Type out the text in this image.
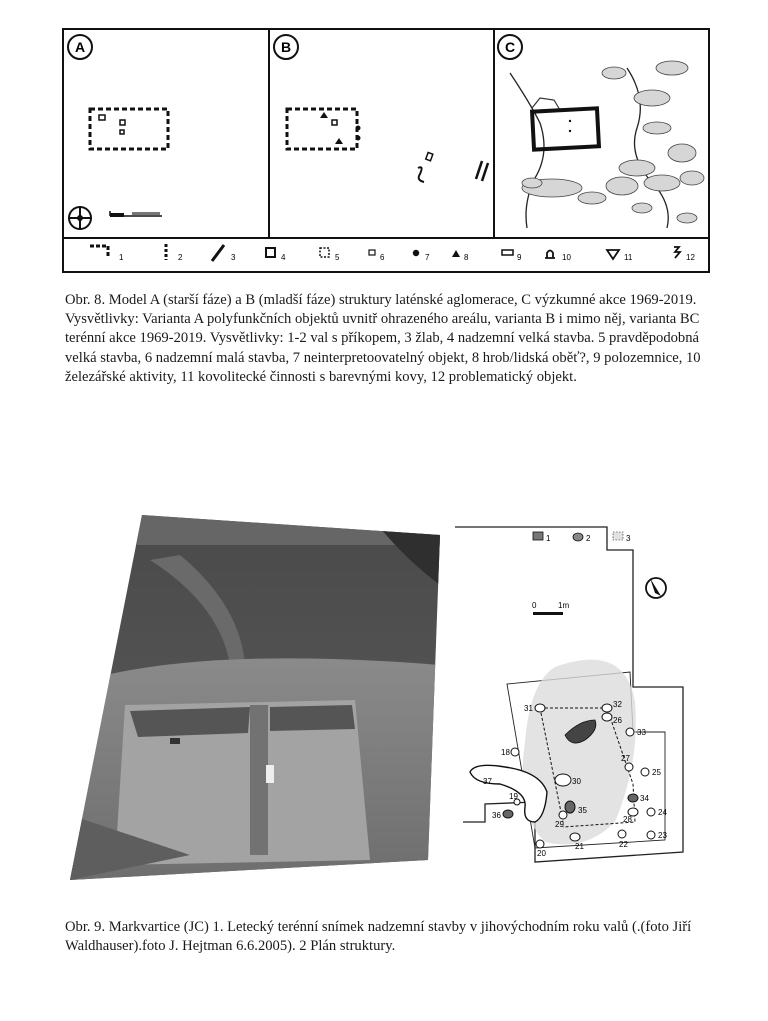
A	B	C
1	2	3	4	5	6	7	8	9	10	11	12

Obr. 8. Model A (starší fáze) a B (mladší fáze) struktury laténské aglomerace, C výzkumné akce 1969-2019. Vysvětlivky: Varianta A polyfunkčních objektů uvnitř ohrazeného areálu, varianta B i mimo něj, varianta BC terénní akce 1969-2019. Vysvětlivky: 1-2 val s příkopem, 3 žlab, 4 nadzemní velká stavba. 5 pravděpodobná velká stavba, 6 nadzemní malá stavba, 7 neinterpretoovatelný objekt, 8 hrob/lidská oběť?, 9 polozemnice, 10 železářské aktivity, 11 kovolitecké činnosti s barevnými kovy, 12 problematický objekt.

1	2	3
0	1m
31	32
26
33
18
27
25
37	30
19
35
34
36	28
24
29
22
23
21
20

Obr. 9. Markvartice (JC) 1. Letecký terénní snímek nadzemní stavby v jihovýchodním roku valů (.(foto Jiří Waldhauser).foto J. Hejtman 6.6.2005). 2 Plán struktury.
